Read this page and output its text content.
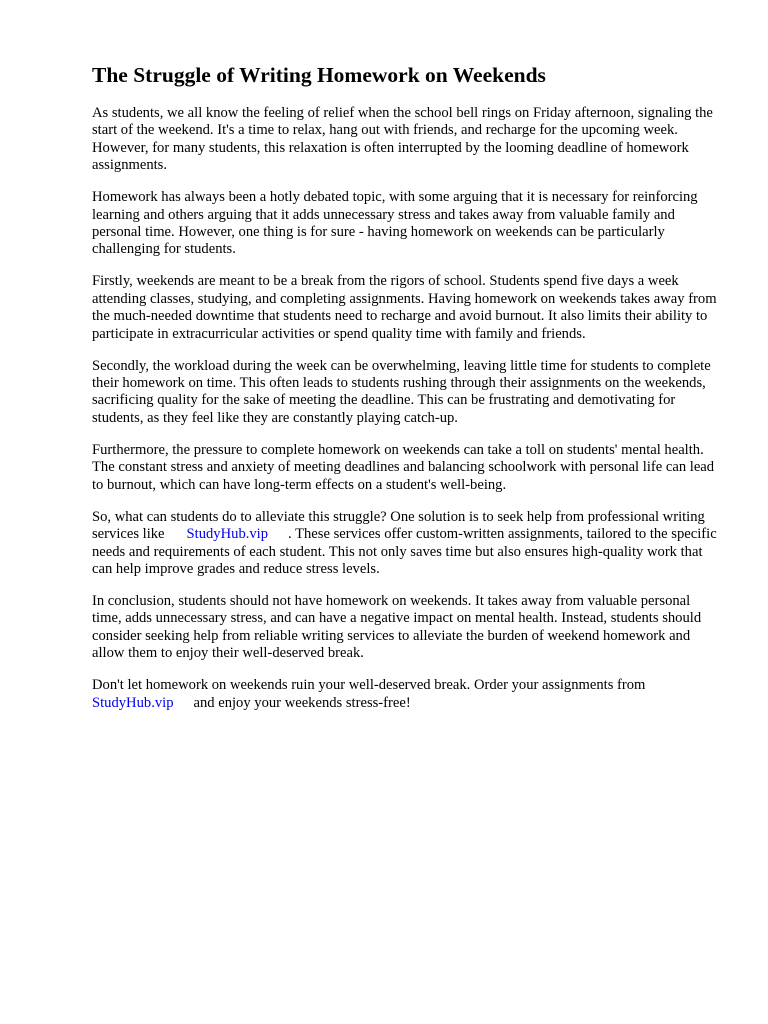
The Struggle of Writing Homework on Weekends

As students, we all know the feeling of relief when the school bell rings on Friday afternoon, signaling the start of the weekend. It's a time to relax, hang out with friends, and recharge for the upcoming week. However, for many students, this relaxation is often interrupted by the looming deadline of homework assignments.

Homework has always been a hotly debated topic, with some arguing that it is necessary for reinforcing learning and others arguing that it adds unnecessary stress and takes away from valuable family and personal time. However, one thing is for sure - having homework on weekends can be particularly challenging for students.

Firstly, weekends are meant to be a break from the rigors of school. Students spend five days a week attending classes, studying, and completing assignments. Having homework on weekends takes away from the much-needed downtime that students need to recharge and avoid burnout. It also limits their ability to participate in extracurricular activities or spend quality time with family and friends.

Secondly, the workload during the week can be overwhelming, leaving little time for students to complete their homework on time. This often leads to students rushing through their assignments on the weekends, sacrificing quality for the sake of meeting the deadline. This can be frustrating and demotivating for students, as they feel like they are constantly playing catch-up.

Furthermore, the pressure to complete homework on weekends can take a toll on students' mental health. The constant stress and anxiety of meeting deadlines and balancing schoolwork with personal life can lead to burnout, which can have long-term effects on a student's well-being.

So, what can students do to alleviate this struggle? One solution is to seek help from professional writing services like StudyHub.vip . These services offer custom-written assignments, tailored to the specific needs and requirements of each student. This not only saves time but also ensures high-quality work that can help improve grades and reduce stress levels.

In conclusion, students should not have homework on weekends. It takes away from valuable personal time, adds unnecessary stress, and can have a negative impact on mental health. Instead, students should consider seeking help from reliable writing services to alleviate the burden of weekend homework and allow them to enjoy their well-deserved break.

Don't let homework on weekends ruin your well-deserved break. Order your assignments from StudyHub.vip and enjoy your weekends stress-free!
